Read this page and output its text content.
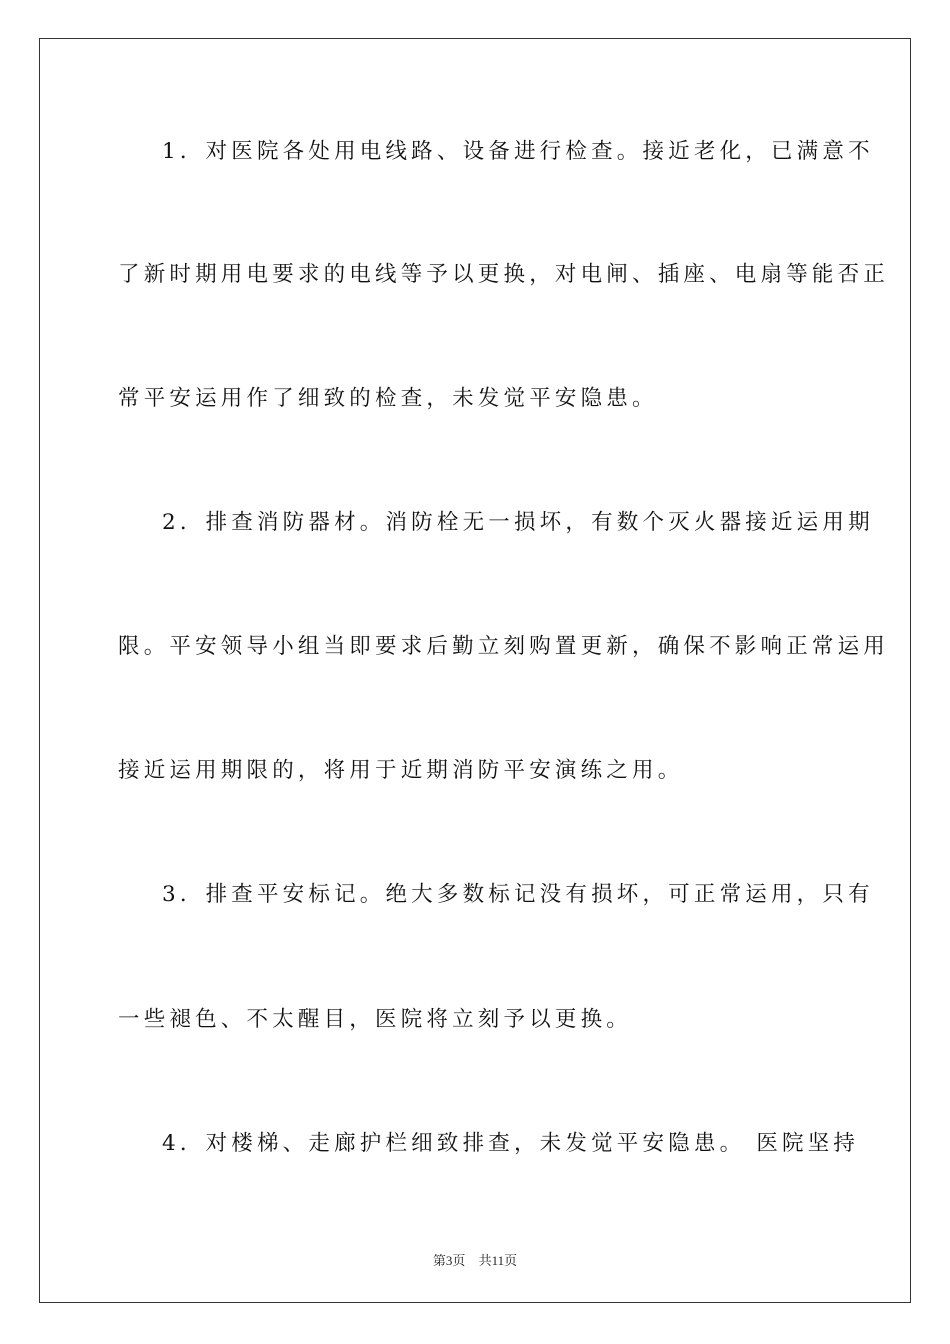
1．对医院各处用电线路、设备进行检查。接近老化，已满意不
了新时期用电要求的电线等予以更换，对电闸、插座、电扇等能否正
常平安运用作了细致的检查，未发觉平安隐患。
2．排查消防器材。消防栓无一损坏，有数个灭火器接近运用期
限。平安领导小组当即要求后勤立刻购置更新，确保不影响正常运用
接近运用期限的，将用于近期消防平安演练之用。
3．排查平安标记。绝大多数标记没有损坏，可正常运用，只有
一些褪色、不太醒目，医院将立刻予以更换。
4．对楼梯、走廊护栏细致排查，未发觉平安隐患。 医院坚持
第3页 共11页
